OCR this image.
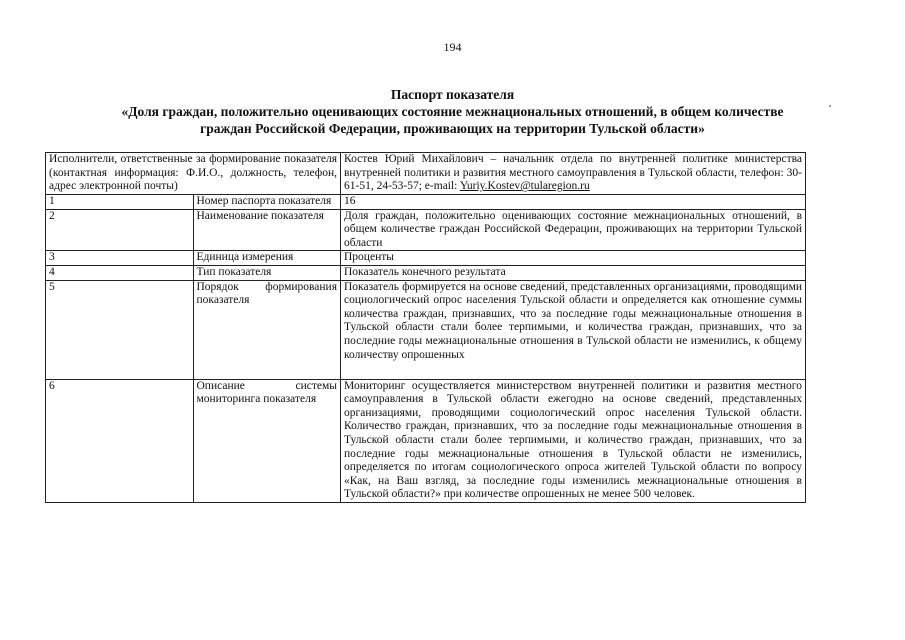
194
'
Паспорт показателя
«Доля граждан, положительно оценивающих состояние межнациональных отношений, в общем количестве
граждан Российской Федерации, проживающих на территории Тульской области»
Исполнители, ответственные за формирование показателя (контактная информация: Ф.И.О., должность, телефон, адрес электронной почты)		Костев Юрий Михайлович – начальник отдела по внутренней политике министерства внутренней политики и развития местного самоуправления в Тульской области, телефон: 30-61-51, 24-53-57; e-mail: Yuriy.Kostev@tularegion.ru
1	Номер паспорта показателя	16
2	Наименование показателя	Доля граждан, положительно оценивающих состояние межнациональных отношений, в общем количестве граждан Российской Федерации, проживающих на территории Тульской области
3	Единица измерения	Проценты
4	Тип показателя	Показатель конечного результата
5	Порядок формирования показателя	Показатель формируется на основе сведений, представленных организациями, проводящими социологический опрос населения Тульской области и определяется как отношение суммы количества граждан, признавших, что за последние годы межнациональные отношения в Тульской области стали более терпимыми, и количества граждан, признавших, что за последние годы межнациональные отношения в Тульской области не изменились, к общему количеству опрошенных
6	Описание системы мониторинга показателя	Мониторинг осуществляется министерством внутренней политики и развития местного самоуправления в Тульской области ежегодно на основе сведений, представленных организациями, проводящими социологический опрос населения Тульской области. Количество граждан, признавших, что за последние годы межнациональные отношения в Тульской области стали более терпимыми, и количество граждан, признавших, что за последние годы межнациональные отношения в Тульской области не изменились, определяется по итогам социологического опроса жителей Тульской области по вопросу «Как, на Ваш взгляд, за последние годы изменились межнациональные отношения в Тульской области?» при количестве опрошенных не менее 500 человек.
